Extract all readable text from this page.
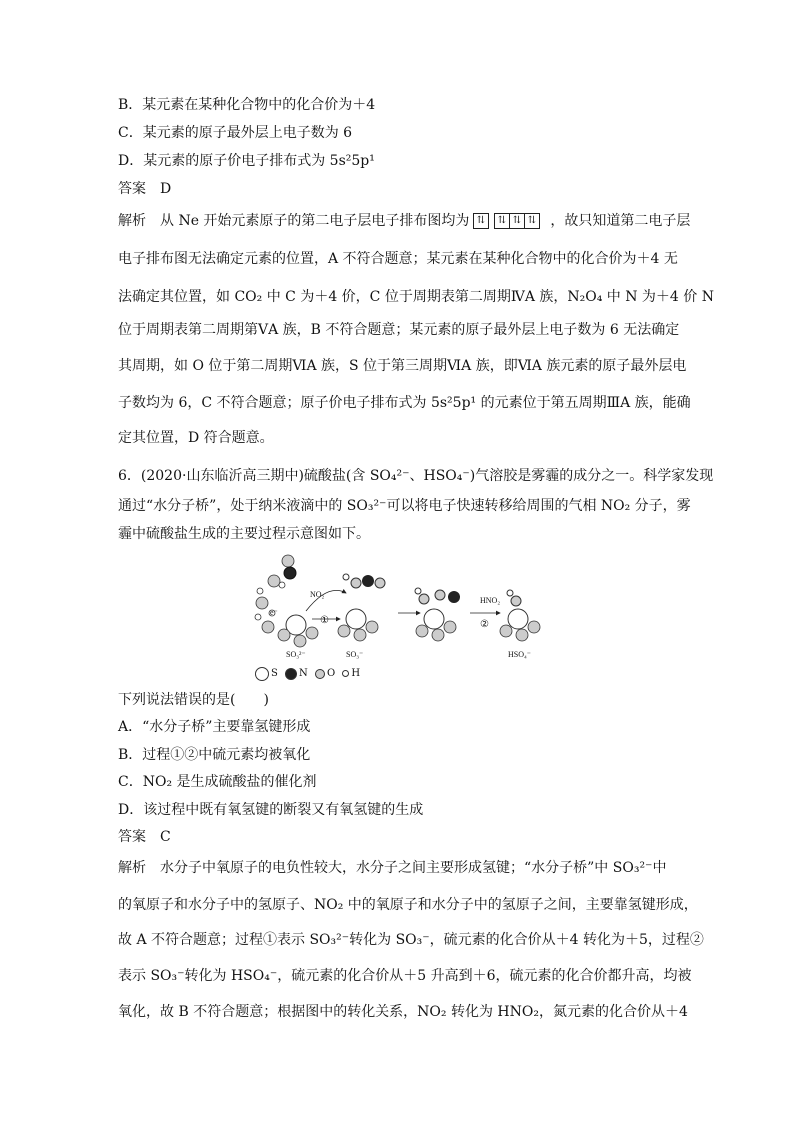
B．某元素在某种化合物中的化合价为＋4
C．某元素的原子最外层上电子数为 6
D．某元素的原子价电子排布式为 5s²5p¹
答案　D
解析　从 Ne 开始元素原子的第二电子层电子排布图均为 ⇅ ⇅ ⇅ ⇅ ，故只知道第二电子层
电子排布图无法确定元素的位置，A 不符合题意；某元素在某种化合物中的化合价为＋4 无
法确定其位置，如 CO₂ 中 C 为＋4 价，C 位于周期表第二周期ⅣA 族，N₂O₄ 中 N 为＋4 价 N
位于周期表第二周期第ⅤA 族，B 不符合题意；某元素的原子最外层上电子数为 6 无法确定
其周期，如 O 位于第二周期ⅥA 族，S 位于第三周期ⅥA 族，即ⅥA 族元素的原子最外层电
子数均为 6，C 不符合题意；原子价电子排布式为 5s²5p¹ 的元素位于第五周期ⅢA 族，能确
定其位置，D 符合题意。
6．(2020·山东临沂高三期中)硫酸盐(含 SO₄²⁻、HSO₄⁻)气溶胶是雾霾的成分之一。科学家发现
通过“水分子桥”，处于纳米液滴中的 SO₃²⁻可以将电子快速转移给周围的气相 NO₂ 分子，雾
霾中硫酸盐生成的主要过程示意图如下。
e⁻
NO₂
①
HNO₂
②
SO₃²⁻	SO₃⁻	HSO₄⁻
S N O H
下列说法错误的是(　　)
A．“水分子桥”主要靠氢键形成
B．过程①②中硫元素均被氧化
C．NO₂ 是生成硫酸盐的催化剂
D．该过程中既有氧氢键的断裂又有氧氢键的生成
答案　C
解析　水分子中氧原子的电负性较大，水分子之间主要形成氢键；“水分子桥”中 SO₃²⁻中
的氧原子和水分子中的氢原子、NO₂ 中的氧原子和水分子中的氢原子之间，主要靠氢键形成，
故 A 不符合题意；过程①表示 SO₃²⁻转化为 SO₃⁻，硫元素的化合价从＋4 转化为＋5，过程②
表示 SO₃⁻转化为 HSO₄⁻，硫元素的化合价从＋5 升高到＋6，硫元素的化合价都升高，均被
氧化，故 B 不符合题意；根据图中的转化关系，NO₂ 转化为 HNO₂，氮元素的化合价从＋4
